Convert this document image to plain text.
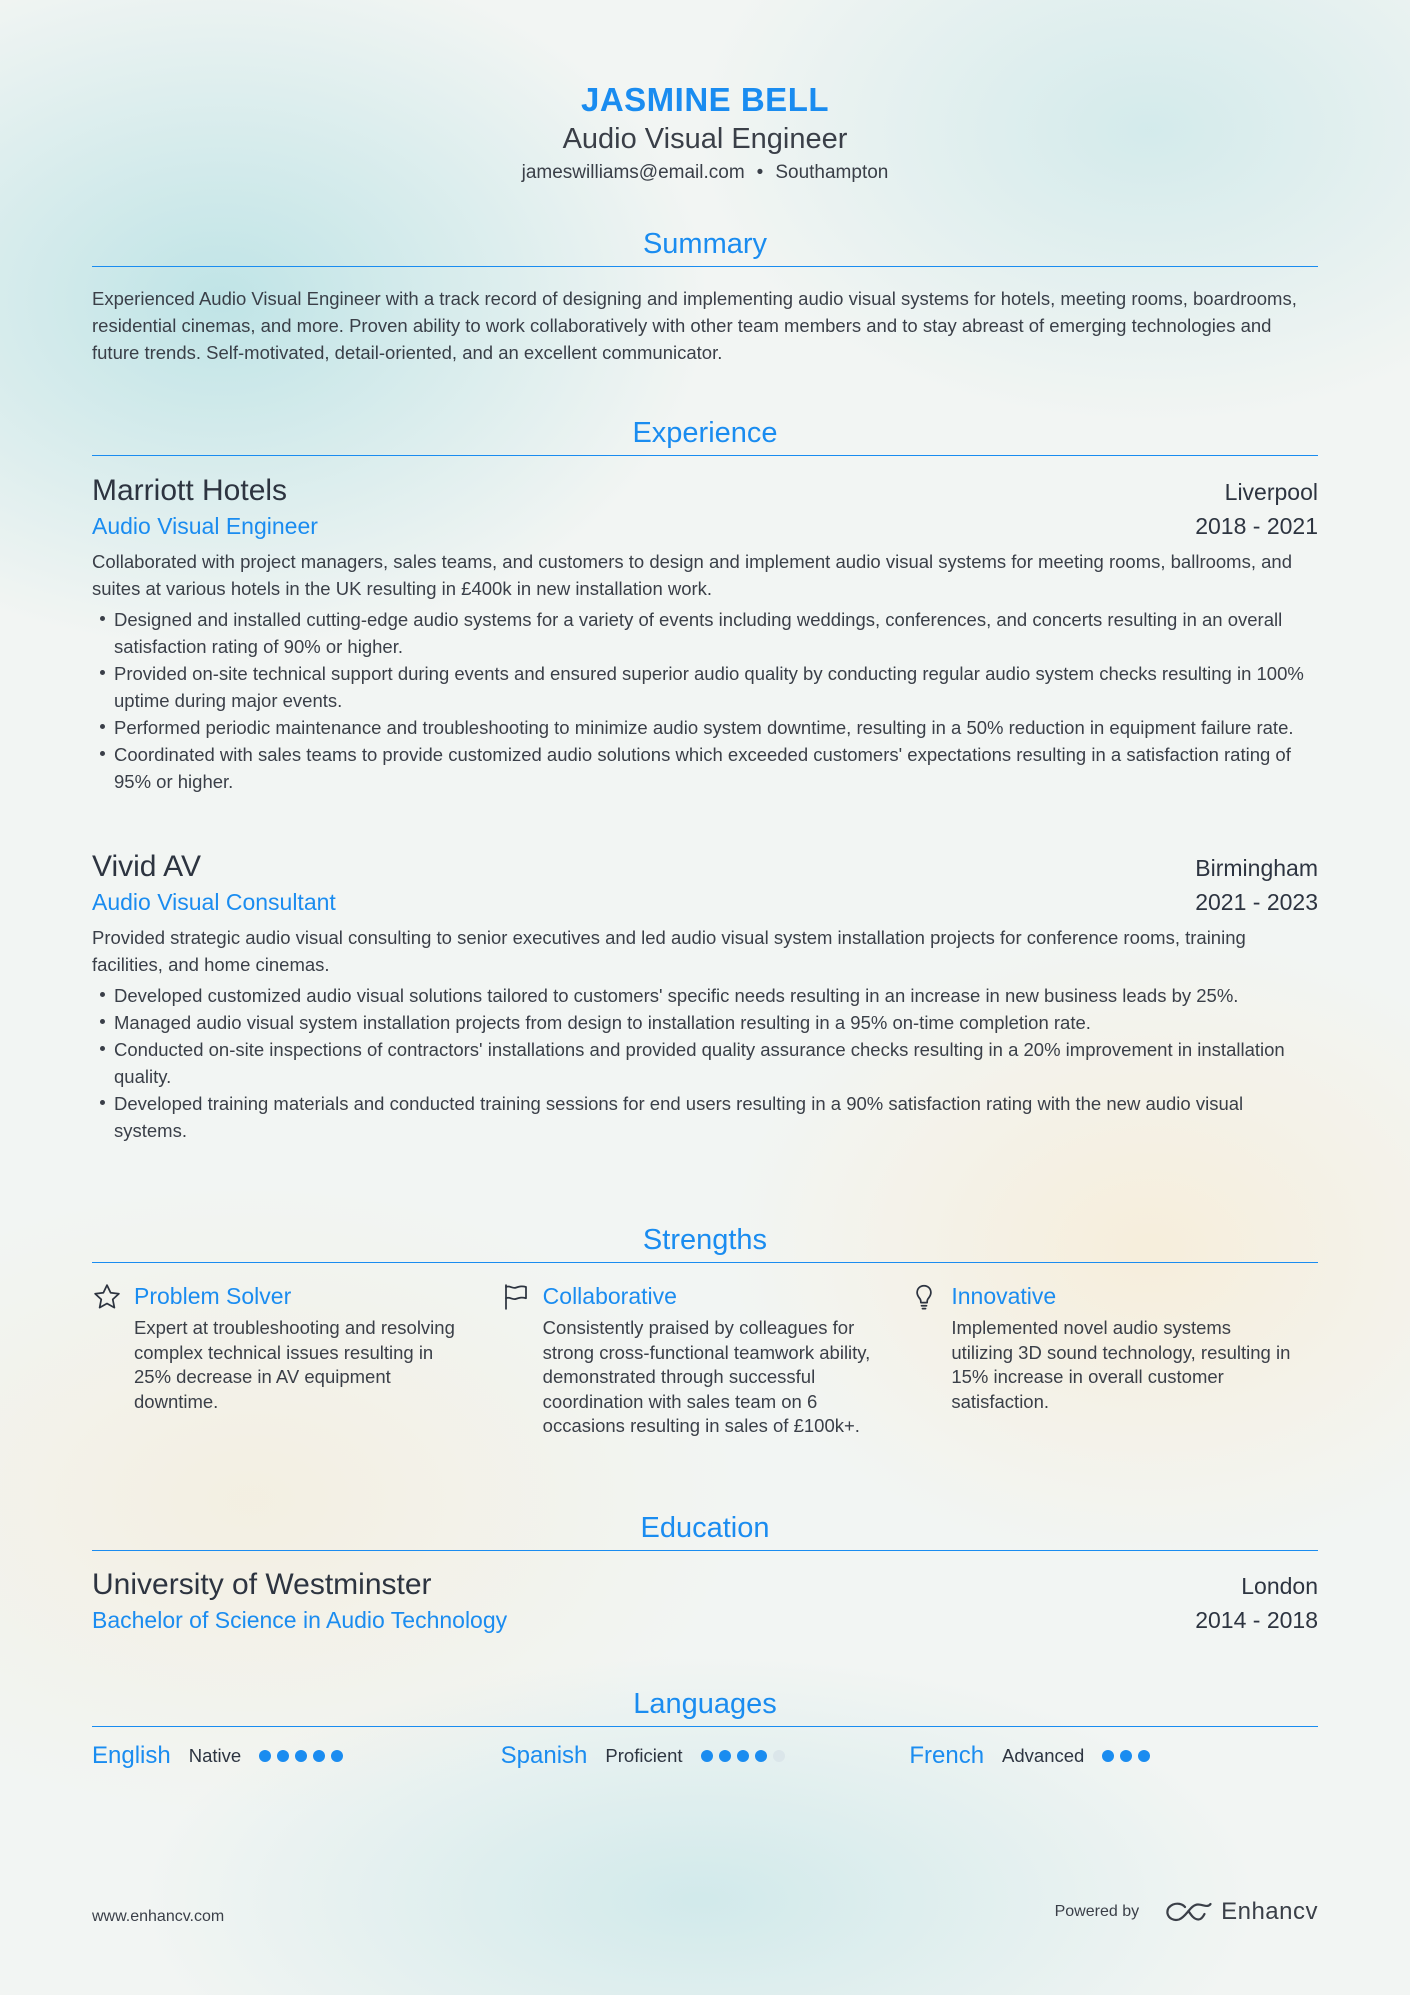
JASMINE BELL
Audio Visual Engineer
jameswilliams@email.com • Southampton
Summary
Experienced Audio Visual Engineer with a track record of designing and implementing audio visual systems for hotels, meeting rooms, boardrooms, residential cinemas, and more. Proven ability to work collaboratively with other team members and to stay abreast of emerging technologies and future trends. Self-motivated, detail-oriented, and an excellent communicator.
Experience
Marriott Hotels	Liverpool
Audio Visual Engineer	2018 - 2021
Collaborated with project managers, sales teams, and customers to design and implement audio visual systems for meeting rooms, ballrooms, and suites at various hotels in the UK resulting in £400k in new installation work.
Designed and installed cutting-edge audio systems for a variety of events including weddings, conferences, and concerts resulting in an overall satisfaction rating of 90% or higher.
Provided on-site technical support during events and ensured superior audio quality by conducting regular audio system checks resulting in 100% uptime during major events.
Performed periodic maintenance and troubleshooting to minimize audio system downtime, resulting in a 50% reduction in equipment failure rate.
Coordinated with sales teams to provide customized audio solutions which exceeded customers' expectations resulting in a satisfaction rating of 95% or higher.
Vivid AV	Birmingham
Audio Visual Consultant	2021 - 2023
Provided strategic audio visual consulting to senior executives and led audio visual system installation projects for conference rooms, training facilities, and home cinemas.
Developed customized audio visual solutions tailored to customers' specific needs resulting in an increase in new business leads by 25%.
Managed audio visual system installation projects from design to installation resulting in a 95% on-time completion rate.
Conducted on-site inspections of contractors' installations and provided quality assurance checks resulting in a 20% improvement in installation quality.
Developed training materials and conducted training sessions for end users resulting in a 90% satisfaction rating with the new audio visual systems.
Strengths
Problem Solver
Expert at troubleshooting and resolving complex technical issues resulting in 25% decrease in AV equipment downtime.
Collaborative
Consistently praised by colleagues for strong cross-functional teamwork ability, demonstrated through successful coordination with sales team on 6 occasions resulting in sales of £100k+.
Innovative
Implemented novel audio systems utilizing 3D sound technology, resulting in 15% increase in overall customer satisfaction.
Education
University of Westminster	London
Bachelor of Science in Audio Technology	2014 - 2018
Languages
English Native	Spanish Proficient	French Advanced
www.enhancv.com	Powered by	Enhancv
